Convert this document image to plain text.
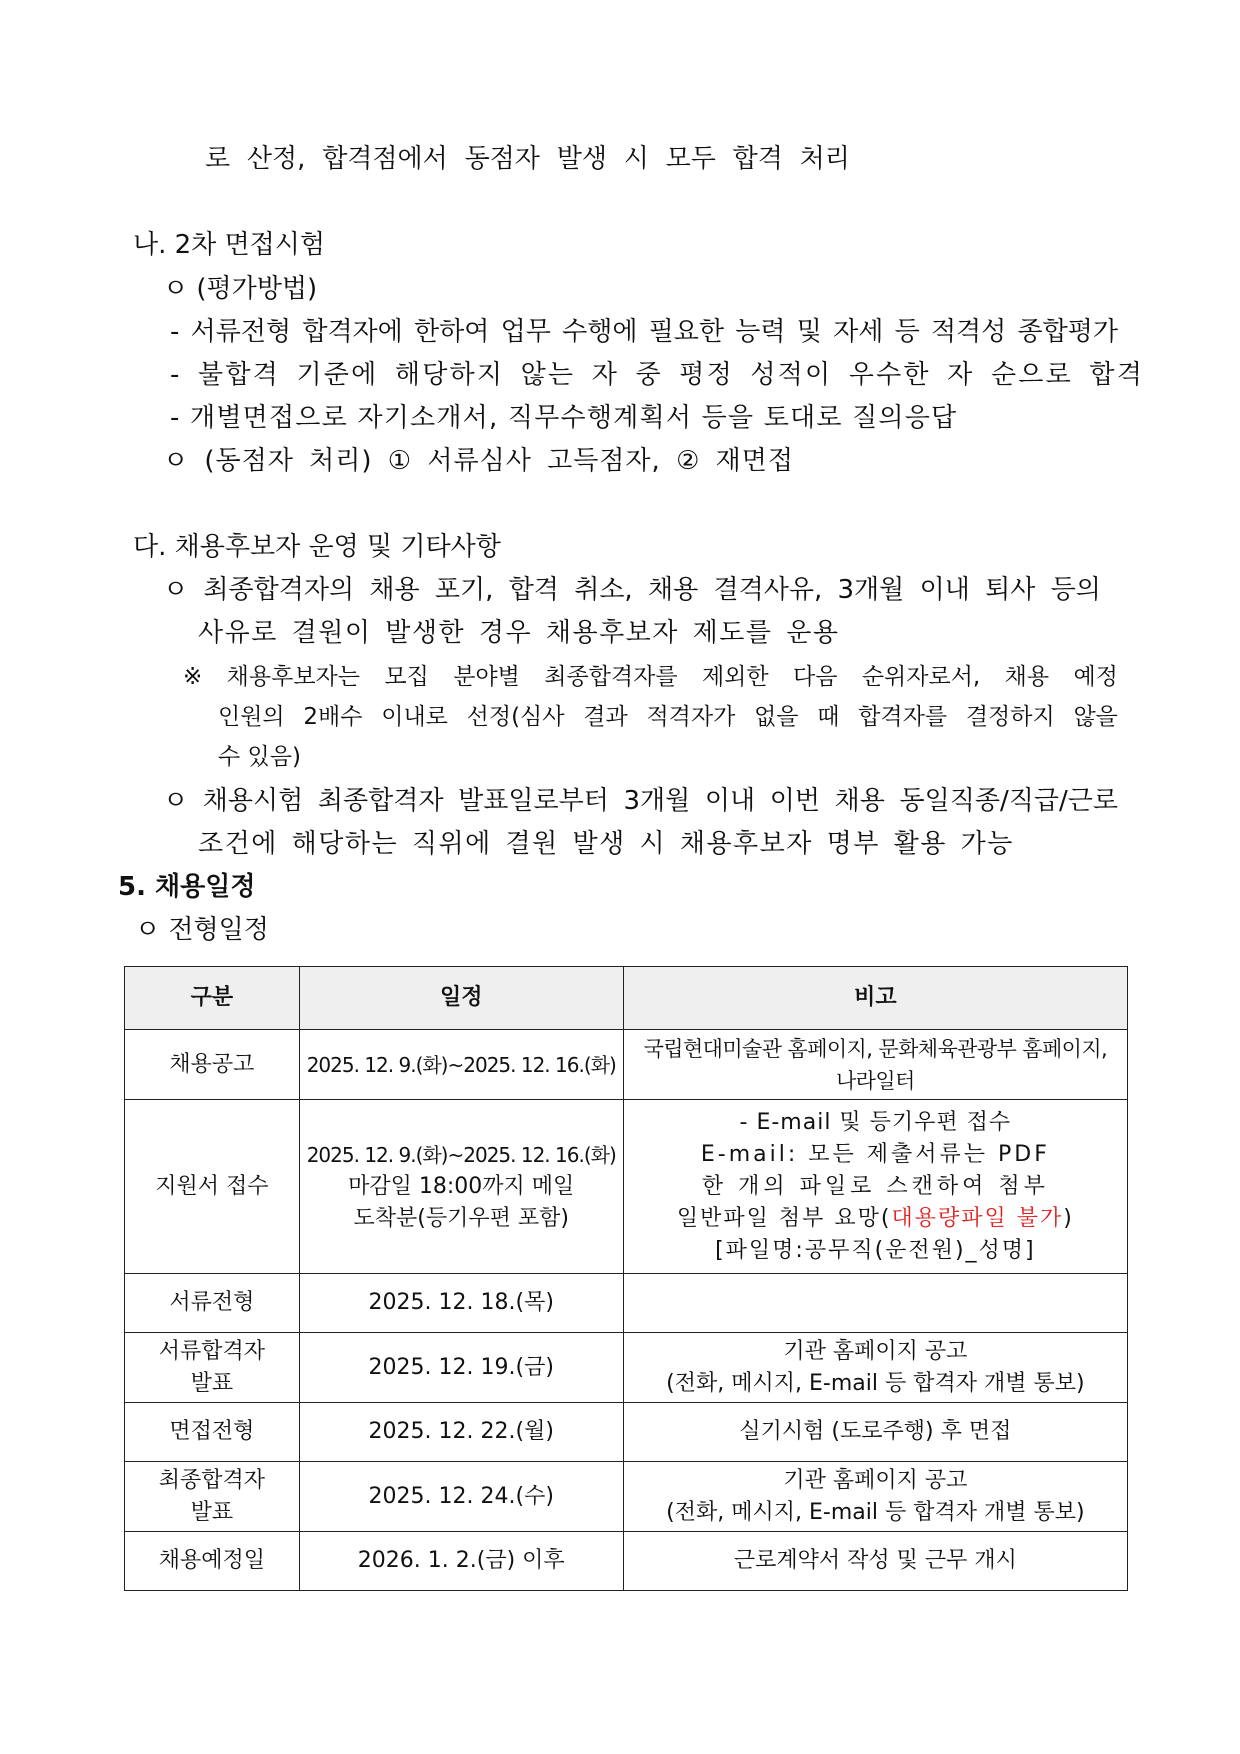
로 산정, 합격점에서 동점자 발생 시 모두 합격 처리
나. 2차 면접시험
ㅇ (평가방법)
- 서류전형 합격자에 한하여 업무 수행에 필요한 능력 및 자세 등 적격성 종합평가
- 불합격 기준에 해당하지 않는 자 중 평정 성적이 우수한 자 순으로 합격
- 개별면접으로 자기소개서, 직무수행계획서 등을 토대로 질의응답
ㅇ (동점자 처리) ① 서류심사 고득점자, ② 재면접
다. 채용후보자 운영 및 기타사항
ㅇ 최종합격자의 채용 포기, 합격 취소, 채용 결격사유, 3개월 이내 퇴사 등의
사유로 결원이 발생한 경우 채용후보자 제도를 운용
※ 채용후보자는 모집 분야별 최종합격자를 제외한 다음 순위자로서, 채용 예정
인원의 2배수 이내로 선정(심사 결과 적격자가 없을 때 합격자를 결정하지 않을
수 있음)
ㅇ 채용시험 최종합격자 발표일로부터 3개월 이내 이번 채용 동일직종/직급/근로
조건에 해당하는 직위에 결원 발생 시 채용후보자 명부 활용 가능
5. 채용일정
ㅇ 전형일정
구분	일정	비고
채용공고	2025. 12. 9.(화)~2025. 12. 16.(화)	국립현대미술관 홈페이지, 문화체육관광부 홈페이지,
나라일터

지원서 접수	2025. 12. 9.(화)~2025. 12. 16.(화)
마감일 18:00까지 메일
도착분(등기우편 포함)	- E-mail 및 등기우편 접수
E-mail: 모든 제출서류는 PDF
한 개의 파일로 스캔하여 첨부
일반파일 첨부 요망(대용량파일 불가)
[파일명:공무직(운전원)_성명]

서류전형	2025. 12. 18.(목)	

서류합격자
발표	2025. 12. 19.(금)	기관 홈페이지 공고
(전화, 메시지, E-mail 등 합격자 개별 통보)

면접전형	2025. 12. 22.(월)	실기시험 (도로주행) 후 면접

최종합격자
발표	2025. 12. 24.(수)	기관 홈페이지 공고
(전화, 메시지, E-mail 등 합격자 개별 통보)

채용예정일	2026. 1. 2.(금) 이후	근로계약서 작성 및 근무 개시
